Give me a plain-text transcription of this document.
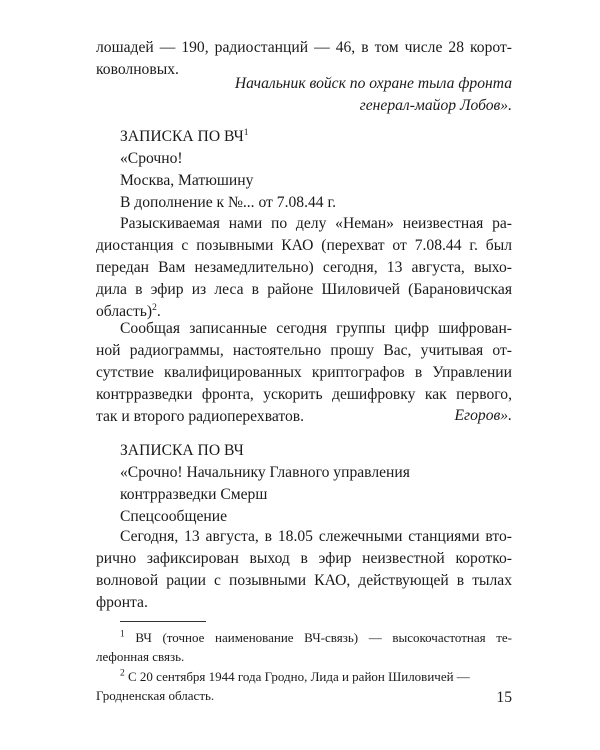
лошадей — 190, радиостанций — 46, в том числе 28 корот-
коволновых.
Начальник войск по охране тыла фронта
генерал-майор Лобов».
ЗАПИСКА ПО $ВЧ^1$
«Срочно!
Москва, Матюшину
В дополнение к №... от 7.08.44 г.
Разыскиваемая нами по делу «Неман» неизвестная ра-
диостанция с позывными КАО (перехват от 7.08.44 г. был
передан Вам незамедлительно) сегодня, 13 августа, выхо-
дила в эфир из леса в районе Шиловичей (Барановичская
область)$^2$.
Сообщая записанные сегодня группы цифр шифрован-
ной радиограммы, настоятельно прошу Вас, учитывая от-
сутствие квалифицированных криптографов в Управлении
контрразведки фронта, ускорить дешифровку как первого,
так и второго радиоперехватов.	Егоров».
ЗАПИСКА ПО ВЧ
«Срочно! Начальнику Главного управления
контрразведки Смерш
Спецсообщение
Сегодня, 13 августа, в 18.05 слежечными станциями вто-
рично зафиксирован выход в эфир неизвестной коротко-
волновой рации с позывными КАО, действующей в тылах
фронта.
$^1$ ВЧ (точное наименование ВЧ-связь) — высокочастотная те-
лефонная связь.
$^2$ С 20 сентября 1944 года Гродно, Лида и район Шиловичей —
Гродненская область.	15
